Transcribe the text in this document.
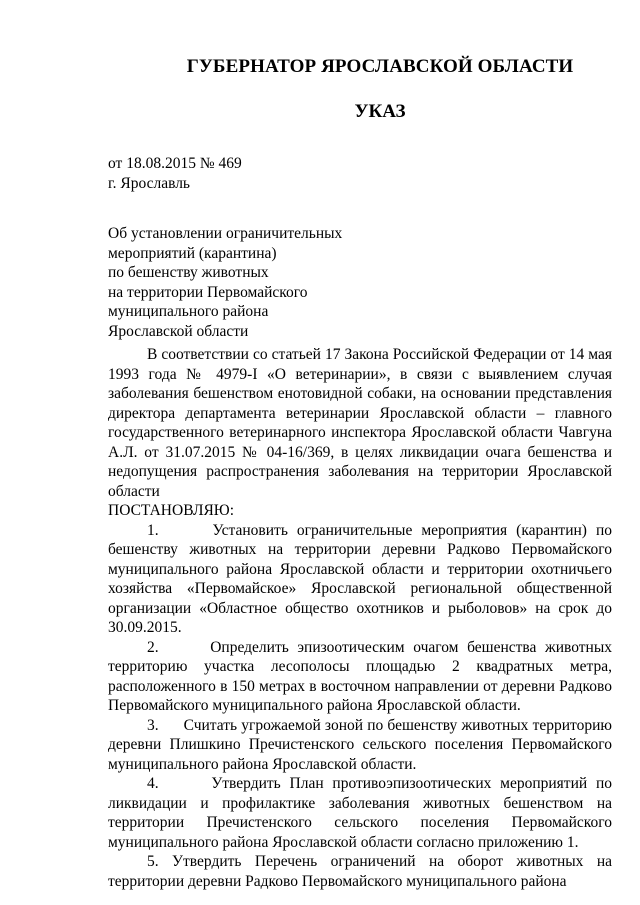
ГУБЕРНАТОР ЯРОСЛАВСКОЙ ОБЛАСТИ
УКАЗ
от 18.08.2015 № 469
г. Ярославль
Об установлении ограничительных
мероприятий (карантина)
по бешенству животных
на территории Первомайского
муниципального района
Ярославской области

В соответствии со статьей 17 Закона Российской Федерации от 14 мая 1993 года № 4979-I «О ветеринарии», в связи с выявлением случая заболевания бешенством енотовидной собаки, на основании представления директора департамента ветеринарии Ярославской области – главного государственного ветеринарного инспектора Ярославской области Чавгуна А.Л. от 31.07.2015 № 04-16/369, в целях ликвидации очага бешенства и недопущения распространения заболевания на территории Ярославской области

ПОСТАНОВЛЯЮ:

1.      Установить ограничительные мероприятия (карантин) по бешенству животных на территории деревни Радково Первомайского муниципального района Ярославской области и территории охотничьего хозяйства «Первомайское» Ярославской региональной общественной организации «Областное общество охотников и рыболовов» на срок до 30.09.2015.

2.      Определить эпизоотическим очагом бешенства животных территорию участка лесополосы площадью 2 квадратных метра, расположенного в 150 метрах в восточном направлении от деревни Радково Первомайского муниципального района Ярославской области.

3.      Считать угрожаемой зоной по бешенству животных территорию деревни Плишкино Пречистенского сельского поселения Первомайского муниципального района Ярославской области.

4.      Утвердить План противоэпизоотических мероприятий по ликвидации и профилактике заболевания животных бешенством на территории Пречистенского сельского поселения Первомайского муниципального района Ярославской области согласно приложению 1.

5. Утвердить Перечень ограничений на оборот животных на территории деревни Радково Первомайского муниципального района
